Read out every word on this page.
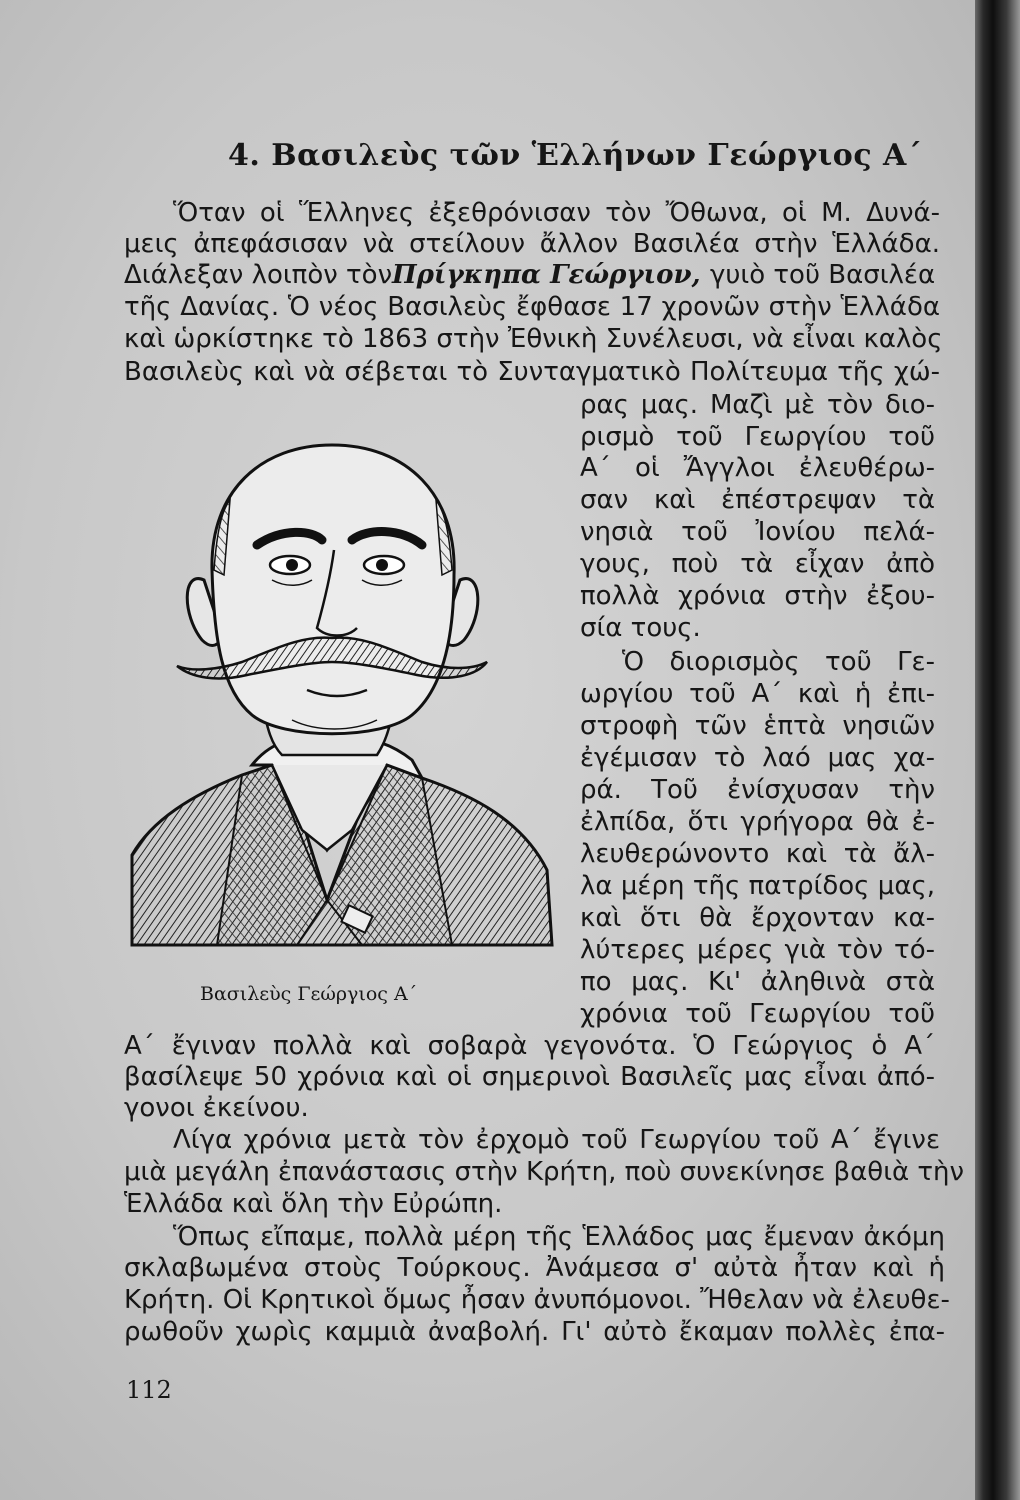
4. Βασιλεὺς τῶν Ἑλλήνων Γεώργιος Α΄

Ὅταν οἱ Ἕλληνες ἐξεθρόνισαν τὸν Ὄθωνα, οἱ Μ. Δυνά-

μεις ἀπεφάσισαν νὰ στείλουν ἄλλον Βασιλέα στὴν Ἑλλάδα.

Διάλεξαν λοιπὸν τὸν Πρίγκηπα Γεώργιον, γυιὸ τοῦ Βασιλέα

τῆς Δανίας. Ὁ νέος Βασιλεὺς ἔφθασε 17 χρονῶν στὴν Ἑλλάδα

καὶ ὡρκίστηκε τὸ 1863 στὴν Ἐθνικὴ Συνέλευσι, νὰ εἶναι καλὸς

Βασιλεὺς καὶ νὰ σέβεται τὸ Συνταγματικὸ Πολίτευμα τῆς χώ-

ρας μας. Μαζὶ μὲ τὸν διο-

ρισμὸ τοῦ Γεωργίου τοῦ

Α΄ οἱ Ἄγγλοι ἐλευθέρω-

σαν καὶ ἐπέστρεψαν τὰ

νησιὰ τοῦ Ἰονίου πελά-

γους, ποὺ τὰ εἶχαν ἀπὸ

πολλὰ χρόνια στὴν ἐξου-

σία τους.

Ὁ διορισμὸς τοῦ Γε-

ωργίου τοῦ Α΄ καὶ ἡ ἐπι-

στροφὴ τῶν ἑπτὰ νησιῶν

ἐγέμισαν τὸ λαό μας χα-

ρά. Τοῦ ἐνίσχυσαν τὴν

ἐλπίδα, ὅτι γρήγορα θὰ ἐ-

λευθερώνοντο καὶ τὰ ἄλ-

λα μέρη τῆς πατρίδος μας,

καὶ ὅτι θὰ ἔρχονταν κα-

λύτερες μέρες γιὰ τὸν τό-

πο μας. Κι' ἀληθινὰ στὰ

χρόνια τοῦ Γεωργίου τοῦ

Α΄ ἔγιναν πολλὰ καὶ σοβαρὰ γεγονότα. Ὁ Γεώργιος ὁ Α΄

βασίλεψε 50 χρόνια καὶ οἱ σημερινοὶ Βασιλεῖς μας εἶναι ἀπό-

γονοι ἐκείνου.

Λίγα χρόνια μετὰ τὸν ἐρχομὸ τοῦ Γεωργίου τοῦ Α΄ ἔγινε

μιὰ μεγάλη ἐπανάστασις στὴν Κρήτη, ποὺ συνεκίνησε βαθιὰ τὴν

Ἑλλάδα καὶ ὅλη τὴν Εὐρώπη.

Ὅπως εἴπαμε, πολλὰ μέρη τῆς Ἑλλάδος μας ἔμεναν ἀκόμη

σκλαβωμένα στοὺς Τούρκους. Ἀνάμεσα σ' αὐτὰ ἦταν καὶ ἡ

Κρήτη. Οἱ Κρητικοὶ ὅμως ἦσαν ἀνυπόμονοι. Ἤθελαν νὰ ἐλευθε-

ρωθοῦν χωρὶς καμμιὰ ἀναβολή. Γι' αὐτὸ ἔκαμαν πολλὲς ἐπα-

Βασιλεὺς Γεώργιος Α΄

112
